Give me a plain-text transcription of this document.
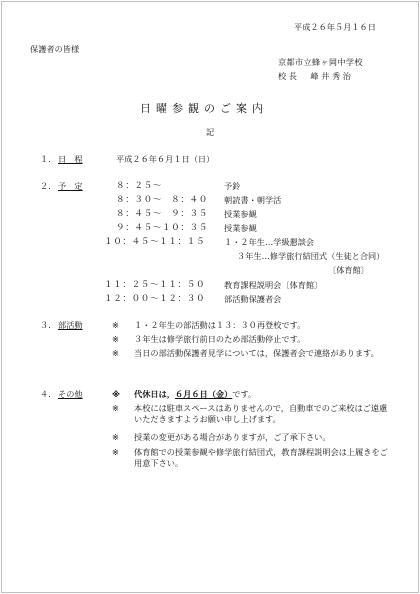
平成２６年５月１６日
保護者の皆様
京都市立蜂ヶ岡中学校
校長　峰井秀治
日曜参観のご案内
記
１. 日　程	平成２６年６月１日（日）
２. 予　定	８：２５～	予鈴
８：３０～　８：４０	朝読書・朝学活
８：４５～　９：３５	授業参観
９：４５～１０：３５	授業参観
１０：４５～１１：１５	１・２年生…学級懇談会
３年生…修学旅行結団式（生徒と合同）
〔体育館〕
１１：２５～１１：５０	教育課程説明会〔体育館〕
１２：００～１２：３０	部活動保護者会
３. 部活動	※ １・２年生の部活動は１３：３０再登校です。
※ ３年生は修学旅行前日のため部活動停止です。
※ 当日の部活動保護者見学については，保護者会で連絡があります。
４. その他	※ 代休日は，６月６日（金）です。
※ 本校には駐車スペースはありませんので，自動車でのご来校はご遠慮いただきますようお願い申し上げます。
※ 授業の変更がある場合がありますが，ご了承下さい。
※ 体育館での授業参観や修学旅行結団式，教育課程説明会は上履きをご用意下さい。
